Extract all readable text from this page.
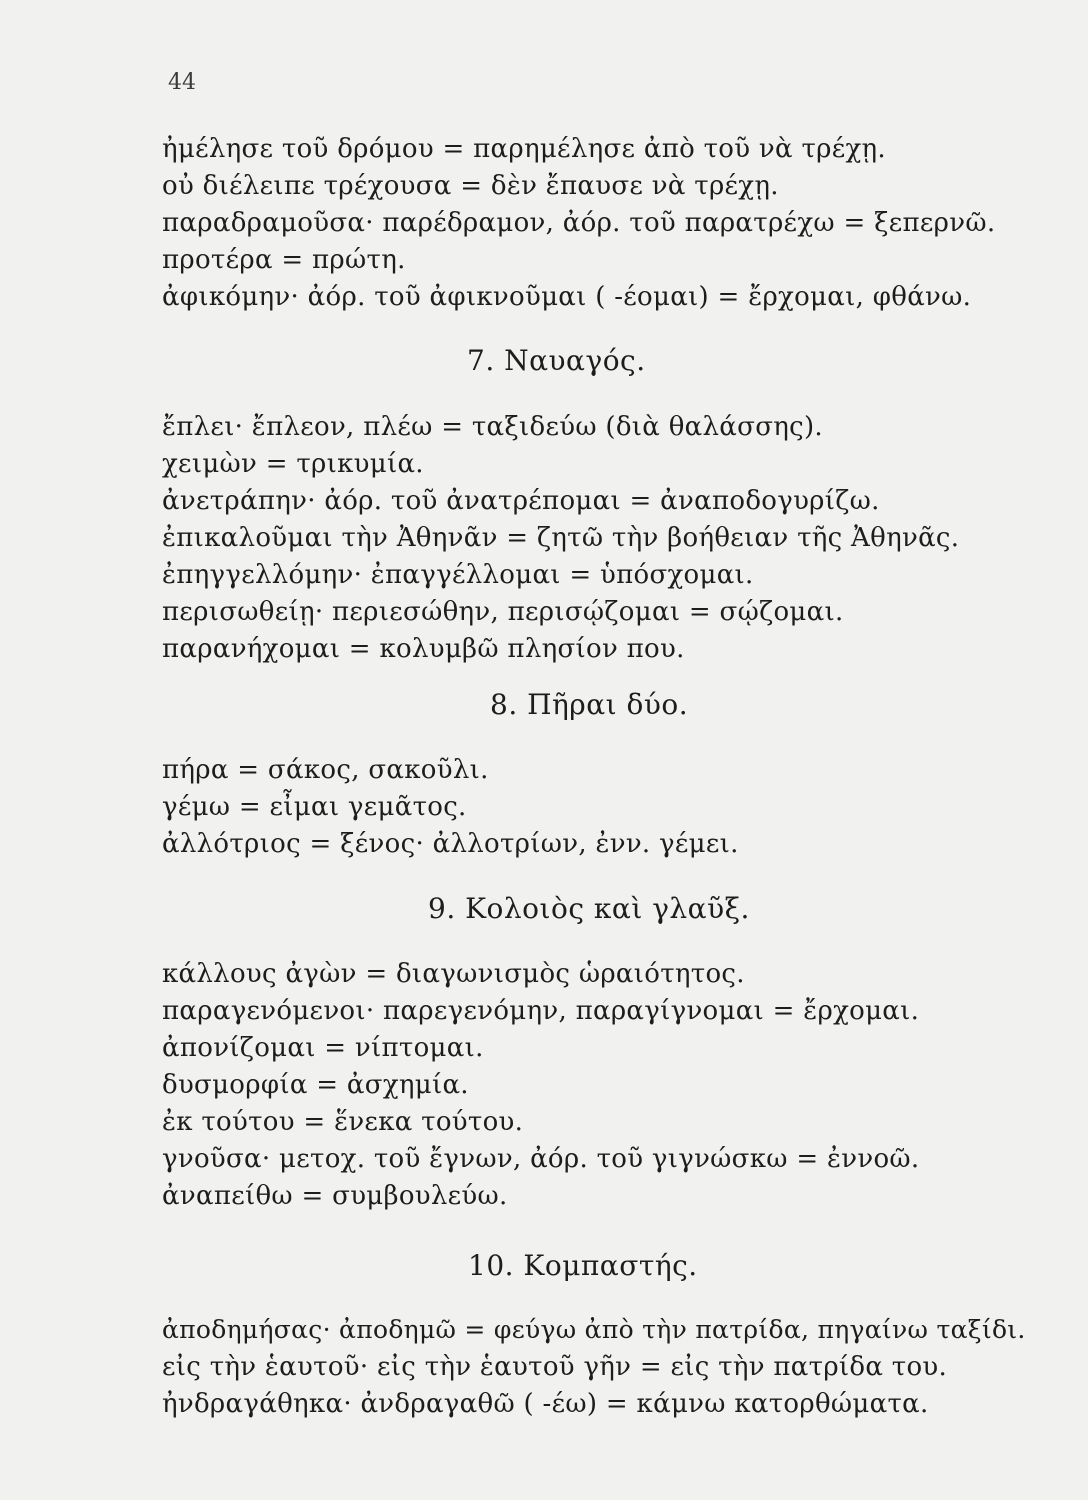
44
ἠμέλησε τοῦ δρόμου = παρημέλησε ἀπὸ τοῦ νὰ τρέχῃ.
οὐ διέλειπε τρέχουσα = δὲν ἔπαυσε νὰ τρέχῃ.
παραδραμοῦσα· παρέδραμον, ἀόρ. τοῦ παρατρέχω = ξεπερνῶ.
προτέρα = πρώτη.
ἀφικόμην· ἀόρ. τοῦ ἀφικνοῦμαι ( -έομαι) = ἔρχομαι, φθάνω.
7. Ναυαγός.
ἔπλει· ἔπλεον, πλέω = ταξιδεύω (διὰ θαλάσσης).
χειμὼν = τρικυμία.
ἀνετράπην· ἀόρ. τοῦ ἀνατρέπομαι = ἀναποδογυρίζω.
ἐπικαλοῦμαι τὴν Ἀθηνᾶν = ζητῶ τὴν βοήθειαν τῆς Ἀθηνᾶς.
ἐπηγγελλόμην· ἐπαγγέλλομαι = ὑπόσχομαι.
περισωθείῃ· περιεσώθην, περισῴζομαι = σῴζομαι.
παρανήχομαι = κολυμβῶ πλησίον που.
8. Πῆραι δύο.
πήρα = σάκος, σακοῦλι.
γέμω = εἶμαι γεμᾶτος.
ἀλλότριος = ξένος· ἀλλοτρίων, ἐνν. γέμει.
9. Κολοιὸς καὶ γλαῦξ.
κάλλους ἀγὼν = διαγωνισμὸς ὡραιότητος.
παραγενόμενοι· παρεγενόμην, παραγίγνομαι = ἔρχομαι.
ἀπονίζομαι = νίπτομαι.
δυσμορφία = ἀσχημία.
ἐκ τούτου = ἕνεκα τούτου.
γνοῦσα· μετοχ. τοῦ ἔγνων, ἀόρ. τοῦ γιγνώσκω = ἐννοῶ.
ἀναπείθω = συμβουλεύω.
10. Κομπαστής.
ἀποδημήσας· ἀποδημῶ = φεύγω ἀπὸ τὴν πατρίδα, πηγαίνω ταξίδι.
εἰς τὴν ἑαυτοῦ· εἰς τὴν ἑαυτοῦ γῆν = εἰς τὴν πατρίδα του.
ἠνδραγάθηκα· ἀνδραγαθῶ ( -έω) = κάμνω κατορθώματα.
